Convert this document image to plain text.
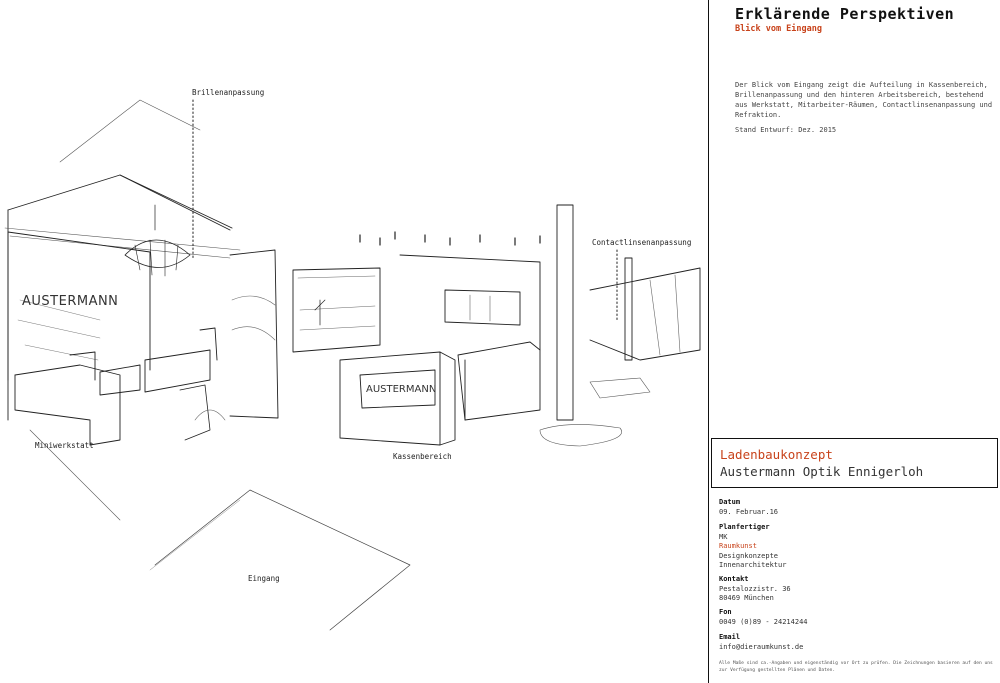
AUSTERMANN
AUSTERMANN
Brillenanpassung
Contactlinsenanpassung
Miniwerkstatt
Kassenbereich
Eingang
Erklärende Perspektiven
Blick vom Eingang
Der Blick vom Eingang zeigt die Aufteilung in Kassenbereich, Brillenanpassung und den hinteren Arbeitsbereich, bestehend aus Werkstatt, Mitarbeiter-Räumen, Contactlinsenanpassung und Refraktion.
Stand Entwurf: Dez. 2015
Ladenbaukonzept
Austermann Optik Ennigerloh
Datum
09. Februar.16
Planfertiger
MK
Raumkunst
Designkonzepte
Innenarchitektur
Kontakt
Pestalozzistr. 36
80469 München
Fon
0049 (0)89 - 24214244
Email
info@dieraumkunst.de
Alle Maße sind ca.-Angaben und eigenständig vor Ort zu prüfen. Die Zeichnungen basieren auf den uns zur Verfügung gestellten Plänen und Daten.
